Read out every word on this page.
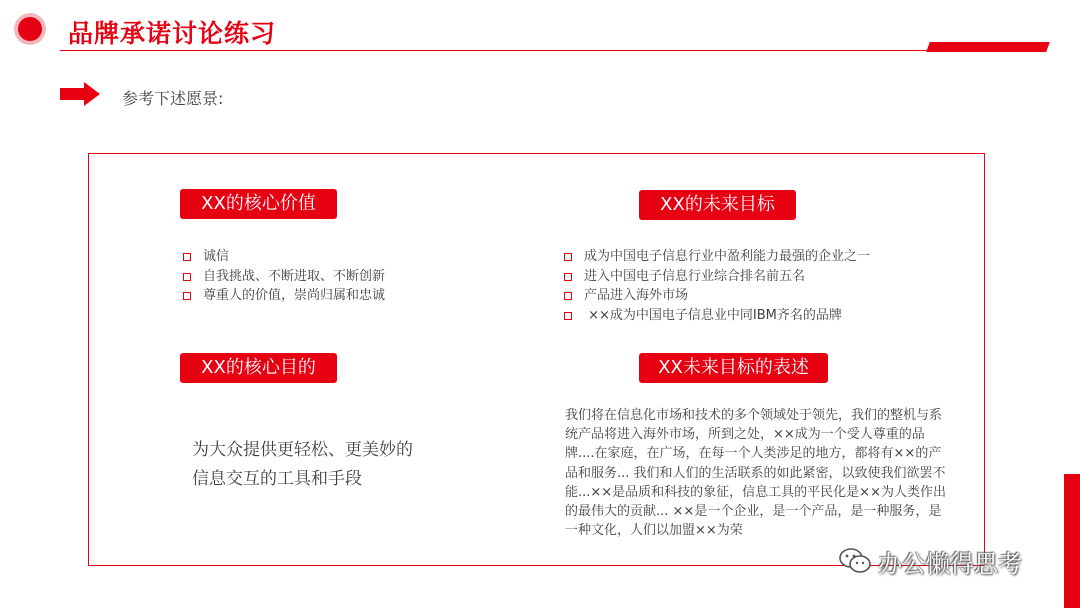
品牌承诺讨论练习
参考下述愿景:
XX的核心价值
诚信
自我挑战、不断进取、不断创新
尊重人的价值，崇尚归属和忠诚
XX的未来目标
成为中国电子信息行业中盈利能力最强的企业之一
进入中国电子信息行业综合排名前五名
产品进入海外市场
××成为中国电子信息业中同IBM齐名的品牌
XX的核心目的
为大众提供更轻松、更美妙的
信息交互的工具和手段
XX未来目标的表述

我们将在信息化市场和技术的多个领域处于领先，我们的整机与系统产品将进入海外市场，所到之处，××成为一个受人尊重的品牌....在家庭，在广场，在每一个人类涉足的地方，都将有××的产品和服务... 我们和人们的生活联系的如此紧密，以致使我们欲罢不能...××是品质和科技的象征，信息工具的平民化是××为人类作出的最伟大的贡献... ××是一个企业，是一个产品，是一种服务，是一种文化，人们以加盟××为荣

办公懒得思考
